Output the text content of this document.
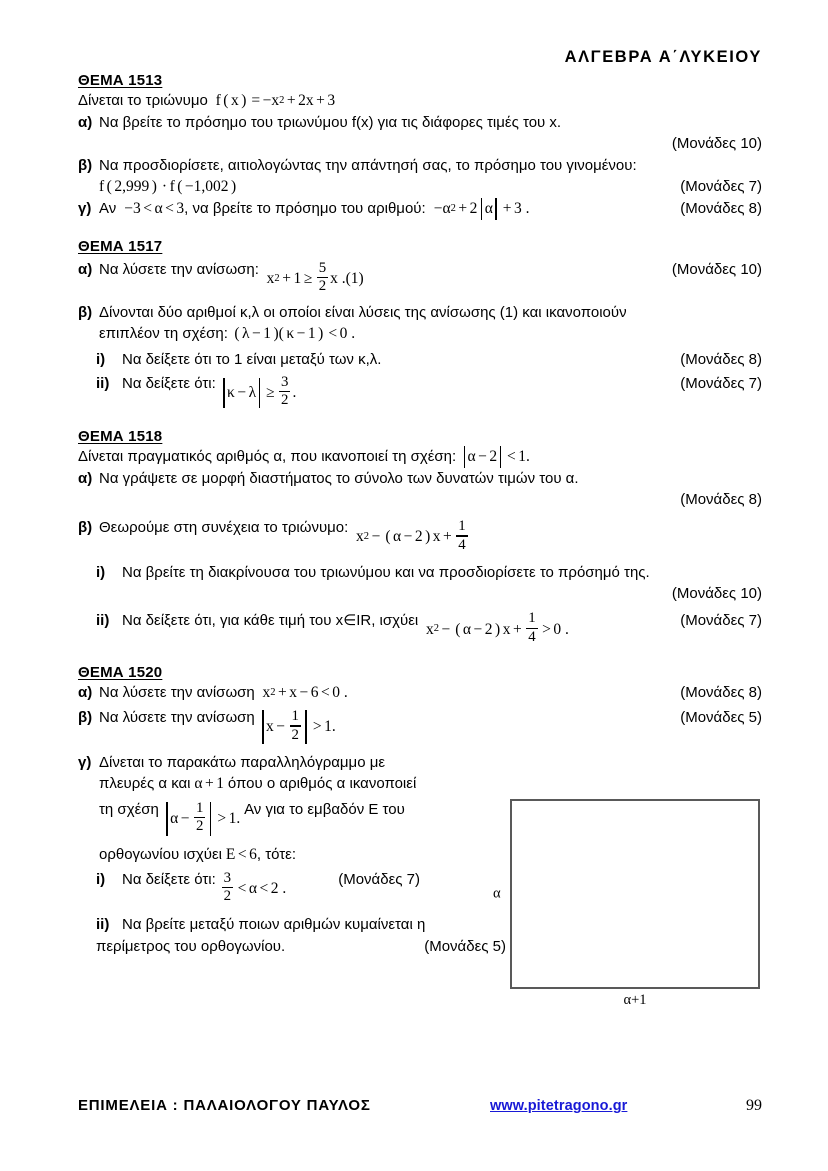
ΑΛΓΕΒΡΑ Α΄ΛΥΚΕΙΟΥ
ΘΕΜΑ 1513
Δίνεται το τριώνυμο f ( x ) = −x 2 + 2x + 3
α) Να βρείτε το πρόσημο του τριωνύμου f(x) για τις διάφορες τιμές του x.
(Μονάδες 10)
β) Να προσδιορίσετε, αιτιολογώντας την απάντησή σας, το πρόσημο του γινομένου:
f ( 2,999 ) · f ( −1,002 )	(Μονάδες 7)
γ) Αν  −3 < α < 3, να βρείτε το πρόσημο του αριθμού:  −α 2 + 2 α + 3 .	(Μονάδες 8)
ΘΕΜΑ 1517
α) Να λύσετε την ανίσωση:
x $2 + 1 \ge \frac{5}{2}$ x .(1)
(Μονάδες 10)
β) Δίνονται δύο αριθμοί κ,λ οι οποίοι είναι λύσεις της ανίσωσης (1) και ικανοποιούν
επιπλέον τη σχέση:
( λ − 1 )( κ − 1 ) < 0 .
i)	Να δείξετε ότι το 1 είναι μεταξύ των κ,λ.	(Μονάδες 8)
ii) Να δείξετε ότι:

$\kappa - \lambda \ge \frac{3}{2}$ .
(Μονάδες 7)
ΘΕΜΑ 1518
Δίνεται πραγματικός αριθμός α, που ικανοποιεί τη σχέση:
α − 2 < 1.
α) Να γράψετε σε μορφή διαστήματος το σύνολο των δυνατών τιμών του α.
(Μονάδες 8)
β) Θεωρούμε στη συνέχεια το τριώνυμο:
x 2 − ( α − 2 ) $x + \frac{1}{4}$
i)	Να βρείτε τη διακρίνουσα του τριωνύμου και να προσδιορίσετε το πρόσημό της.
(Μονάδες 10)
ii) Να δείξετε ότι, για κάθε τιμή του x∈IR, ισχύει
x 2 − ( α − 2 ) $x + \frac{1}{4} > 0$ .
(Μονάδες 7)
ΘΕΜΑ 1520
α) Να λύσετε την ανίσωση x 2 + x − 6 < 0 .	(Μονάδες 8)
β) Να λύσετε την ανίσωση

$x - \frac{1}{2} > 1$.
(Μονάδες 5)
γ) Δίνεται το παρακάτω παραλληλόγραμμο με
πλευρές α και α + 1 όπου ο αριθμός α ικανοποιεί
τη σχέση

$\alpha - \frac{1}{2} > 1$.
Αν για το εμβαδόν Ε του
ορθογωνίου ισχύει Ε < 6 , τότε:
i)	Να δείξετε ότι:
$\frac{3}{2} < \alpha < 2$ .
(Μονάδες 7)
ii) Να βρείτε μεταξύ ποιων αριθμών κυμαίνεται η
περίμετρος του ορθογωνίου.	(Μονάδες 5)
α
α+1
ΕΠΙΜΕΛΕΙΑ : ΠΑΛΑΙΟΛΟΓΟΥ ΠΑΥΛΟΣ	www.pitetragono.gr	99
